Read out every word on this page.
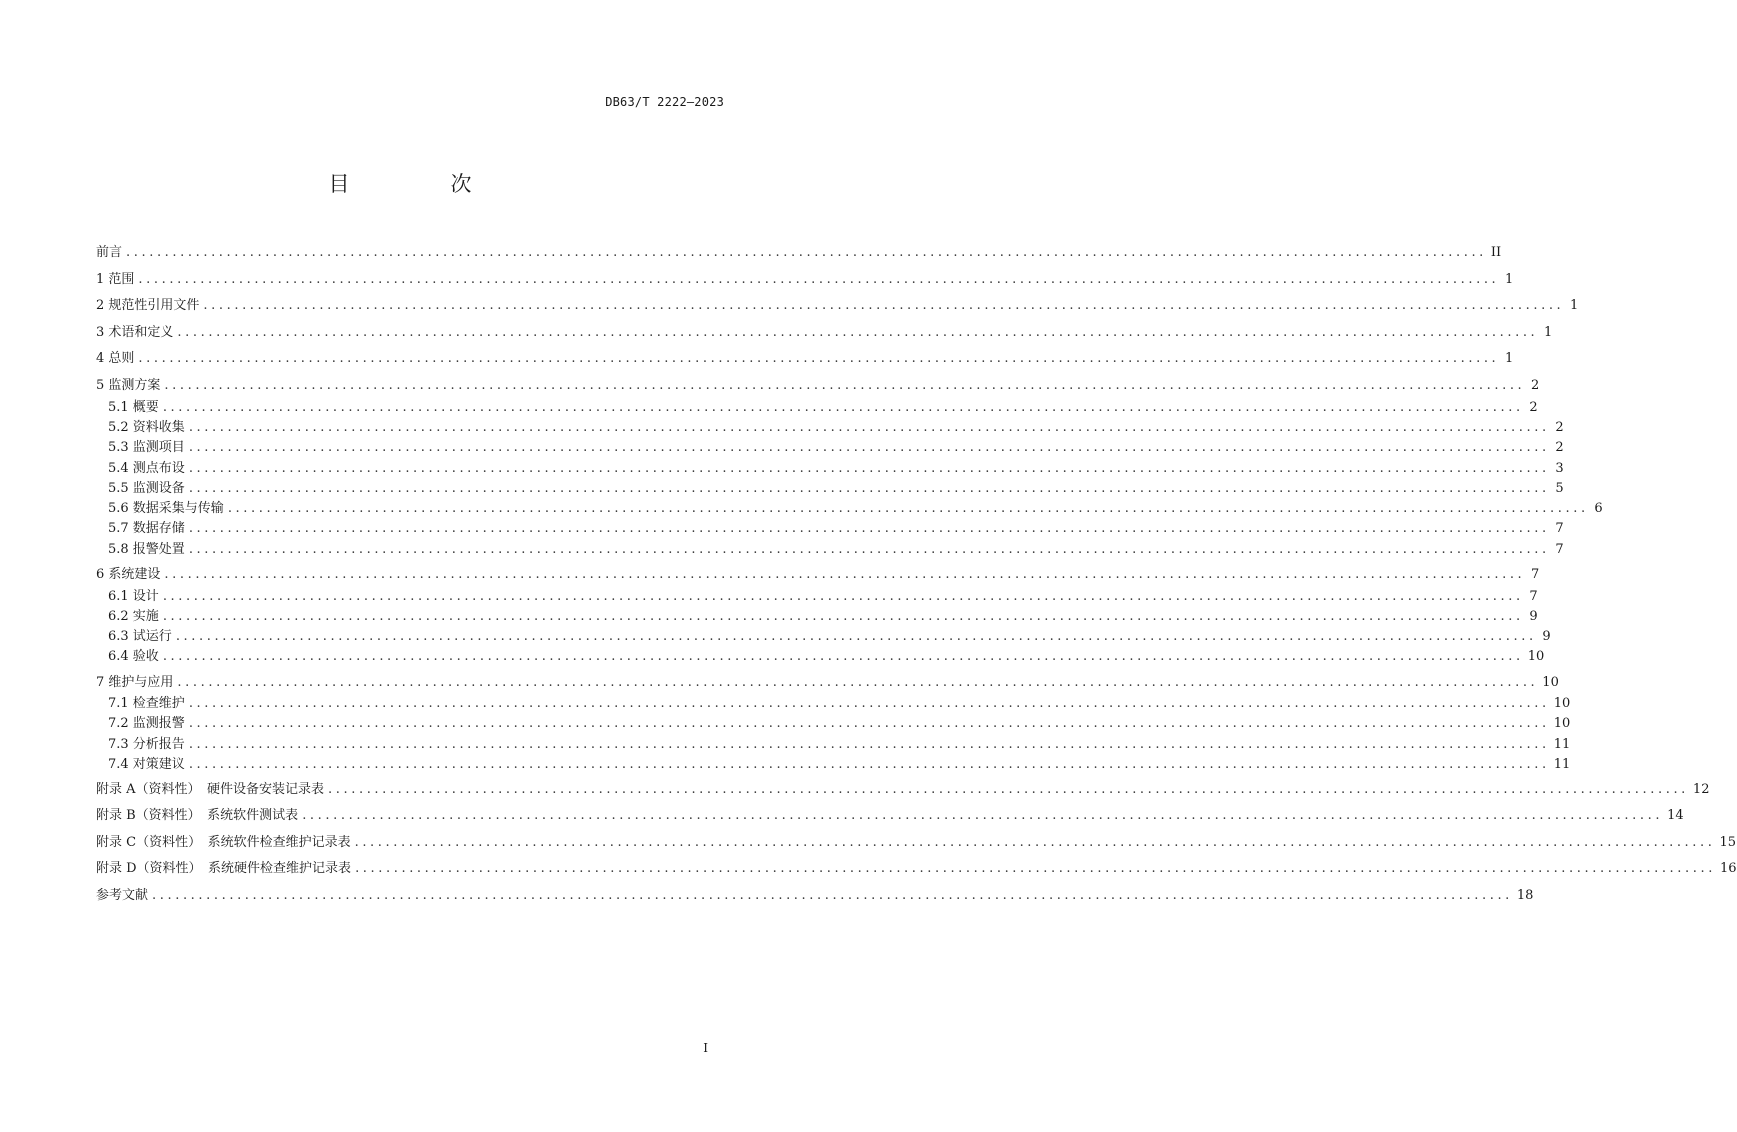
DB63/T 2222—2023
目　次
前言 ................................................................................................................................................................................ II
1 范围 ................................................................................................................................................................................ 1
2 规范性引用文件 ................................................................................................................................................................................ 1
3 术语和定义 ................................................................................................................................................................................ 1
4 总则 ................................................................................................................................................................................ 1
5 监测方案 ................................................................................................................................................................................ 2
5.1 概要 ................................................................................................................................................................................ 2
5.2 资料收集 ................................................................................................................................................................................ 2
5.3 监测项目 ................................................................................................................................................................................ 2
5.4 测点布设 ................................................................................................................................................................................ 3
5.5 监测设备 ................................................................................................................................................................................ 5
5.6 数据采集与传输 ................................................................................................................................................................................ 6
5.7 数据存储 ................................................................................................................................................................................ 7
5.8 报警处置 ................................................................................................................................................................................ 7
6 系统建设 ................................................................................................................................................................................ 7
6.1 设计 ................................................................................................................................................................................ 7
6.2 实施 ................................................................................................................................................................................ 9
6.3 试运行 ................................................................................................................................................................................ 9
6.4 验收 ................................................................................................................................................................................ 10
7 维护与应用 ................................................................................................................................................................................ 10
7.1 检查维护 ................................................................................................................................................................................ 10
7.2 监测报警 ................................................................................................................................................................................ 10
7.3 分析报告 ................................................................................................................................................................................ 11
7.4 对策建议 ................................................................................................................................................................................ 11
附录 A（资料性）　硬件设备安装记录表 ................................................................................................................................................................................ 12
附录 B（资料性）　系统软件测试表 ................................................................................................................................................................................ 14
附录 C（资料性）　系统软件检查维护记录表 ................................................................................................................................................................................ 15
附录 D（资料性）　系统硬件检查维护记录表 ................................................................................................................................................................................ 16
参考文献 ................................................................................................................................................................................ 18
I
